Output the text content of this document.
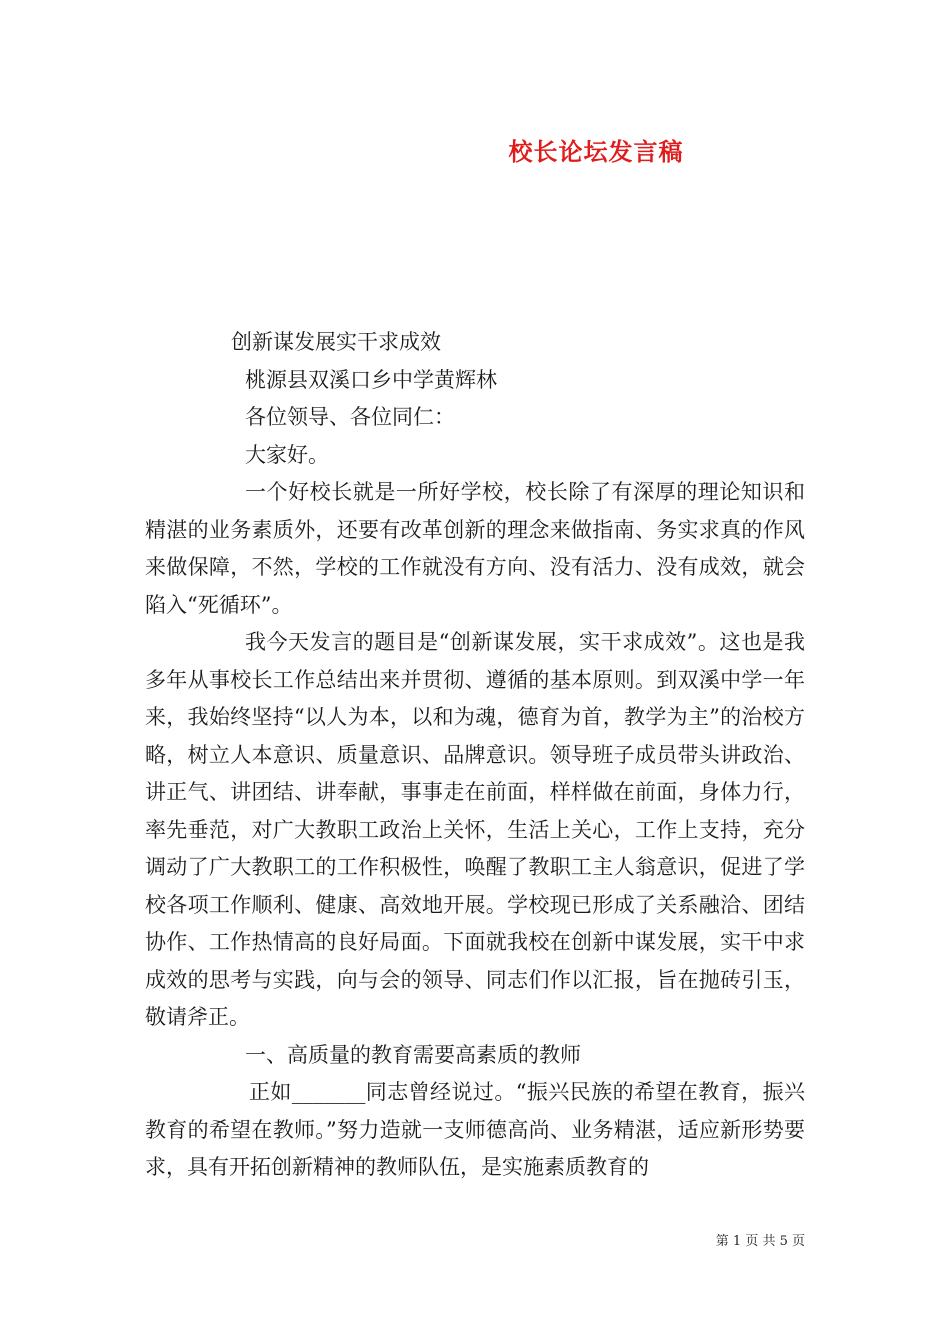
校长论坛发言稿

创新谋发展实干求成效

桃源县双溪口乡中学黄辉林

各位领导、各位同仁：

大家好。

一个好校长就是一所好学校，校长除了有深厚的理论知识和精湛的业务素质外，还要有改革创新的理念来做指南、务实求真的作风来做保障，不然，学校的工作就没有方向、没有活力、没有成效，就会陷入“死循环”。

我今天发言的题目是“创新谋发展，实干求成效”。这也是我多年从事校长工作总结出来并贯彻、遵循的基本原则。到双溪中学一年来，我始终坚持“以人为本，以和为魂，德育为首，教学为主”的治校方略，树立人本意识、质量意识、品牌意识。领导班子成员带头讲政治、讲正气、讲团结、讲奉献，事事走在前面，样样做在前面，身体力行，率先垂范，对广大教职工政治上关怀，生活上关心，工作上支持，充分调动了广大教职工的工作积极性，唤醒了教职工主人翁意识，促进了学校各项工作顺利、健康、高效地开展。学校现已形成了关系融洽、团结协作、工作热情高的良好局面。下面就我校在创新中谋发展，实干中求成效的思考与实践，向与会的领导、同志们作以汇报，旨在抛砖引玉，敬请斧正。

一、高质量的教育需要高素质的教师

正如_______同志曾经说过。“振兴民族的希望在教育，振兴教育的希望在教师。”努力造就一支师德高尚、业务精湛，适应新形势要求，具有开拓创新精神的教师队伍，是实施素质教育的

第 1 页 共 5 页
